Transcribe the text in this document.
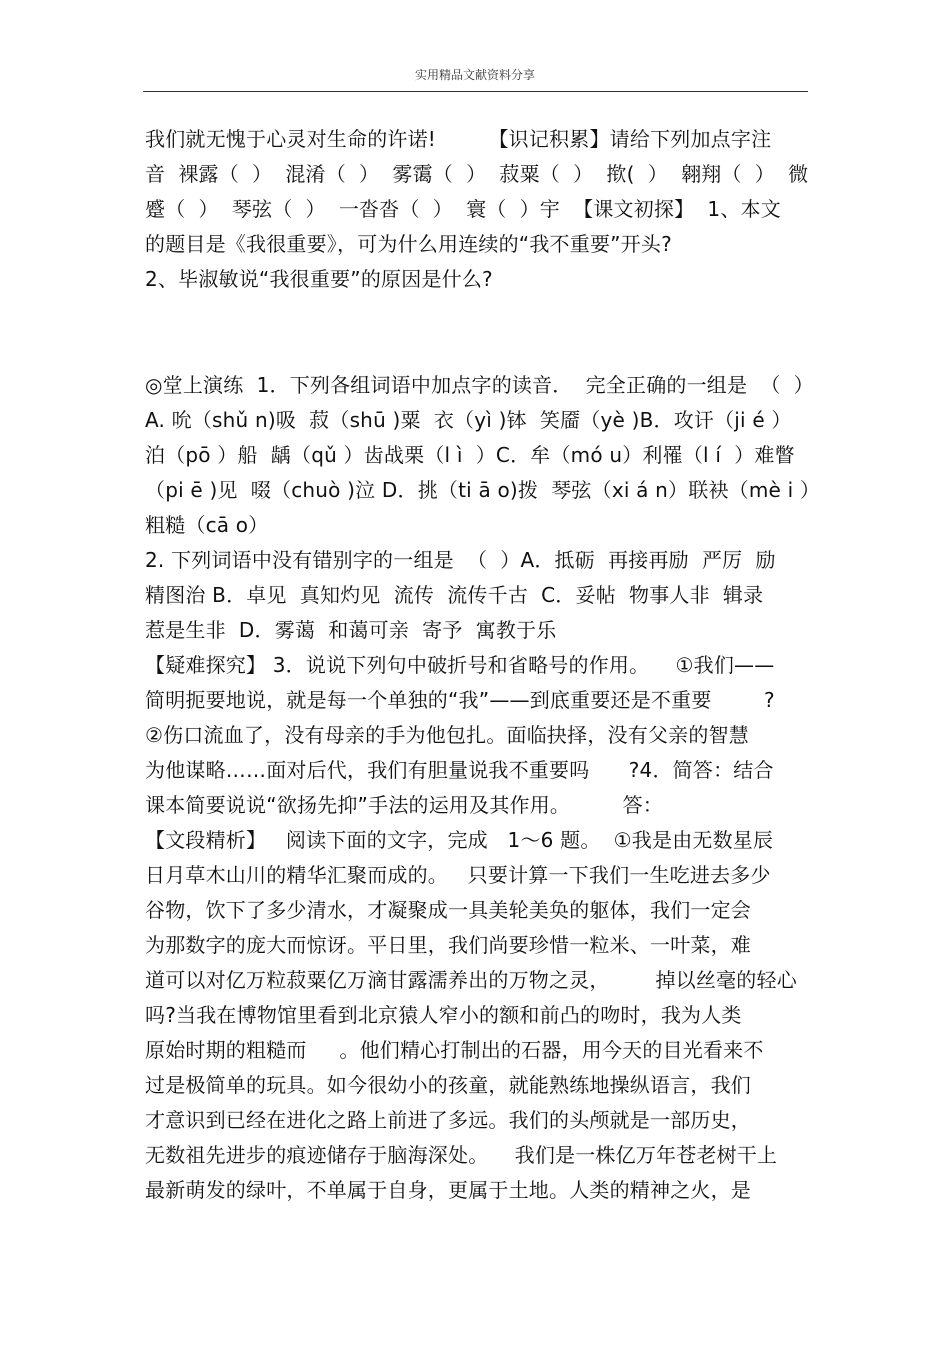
实用精品文献资料分享
我们就无愧于心灵对生命的许诺!        【识记积累】请给下列加点字注
音  裸露（  ）  混淆（  ）  雾霭（  ）  菽粟（  ）  揿(  ）  翱翔（  ）  微
蹙（  ）  琴弦（  ）  一沓沓（  ）  寰（  ）宇  【课文初探】  1、本文
的题目是《我很重要》，可为什么用连续的“我不重要”开头?
2、毕淑敏说“我很重要”的原因是什么?
◎堂上演练  1．下列各组词语中加点字的读音．  完全正确的一组是  （  ）
A. 吮（shǔ n)吸  菽（shū )粟  衣（yì )钵  笑靥（yè )B．攻讦（ji é ）
泊（pō ）船  龋（qǔ ）齿战栗（l ì  ）C．牟（mó u）利罹（l í  ）难瞥
（pi ē )见  啜（chuò )泣 D．挑（ti ā o)拨  琴弦（xi á n）联袂（mè i ）
粗糙（cā o）
2. 下列词语中没有错别字的一组是  （  ）A．抵砺  再接再励  严厉  励
精图治 B．卓见  真知灼见  流传  流传千古  C．妥帖  物事人非  辑录
惹是生非  D．雾蔼  和蔼可亲  寄予  寓教于乐
【疑难探究】 3．说说下列句中破折号和省略号的作用。    ①我们——
简明扼要地说，就是每一个单独的“我”——到底重要还是不重要        ?
②伤口流血了，没有母亲的手为他包扎。面临抉择，没有父亲的智慧
为他谋略……面对后代，我们有胆量说我不重要吗      ?4．简答：结合
课本简要说说“欲扬先抑”手法的运用及其作用。        答：
【文段精析】   阅读下面的文字，完成   1～6 题。  ①我是由无数星辰
日月草木山川的精华汇聚而成的。   只要计算一下我们一生吃进去多少
谷物，饮下了多少清水，才凝聚成一具美轮美奂的躯体，我们一定会
为那数字的庞大而惊讶。平日里，我们尚要珍惜一粒米、一叶菜，难
道可以对亿万粒菽粟亿万滴甘露濡养出的万物之灵，       掉以丝毫的轻心
吗?当我在博物馆里看到北京猿人窄小的额和前凸的吻时，我为人类
原始时期的粗糙而     。他们精心打制出的石器，用今天的目光看来不
过是极简单的玩具。如今很幼小的孩童，就能熟练地操纵语言，我们
才意识到已经在进化之路上前进了多远。我们的头颅就是一部历史，
无数祖先进步的痕迹储存于脑海深处。    我们是一株亿万年苍老树干上
最新萌发的绿叶，不单属于自身，更属于土地。人类的精神之火，是
